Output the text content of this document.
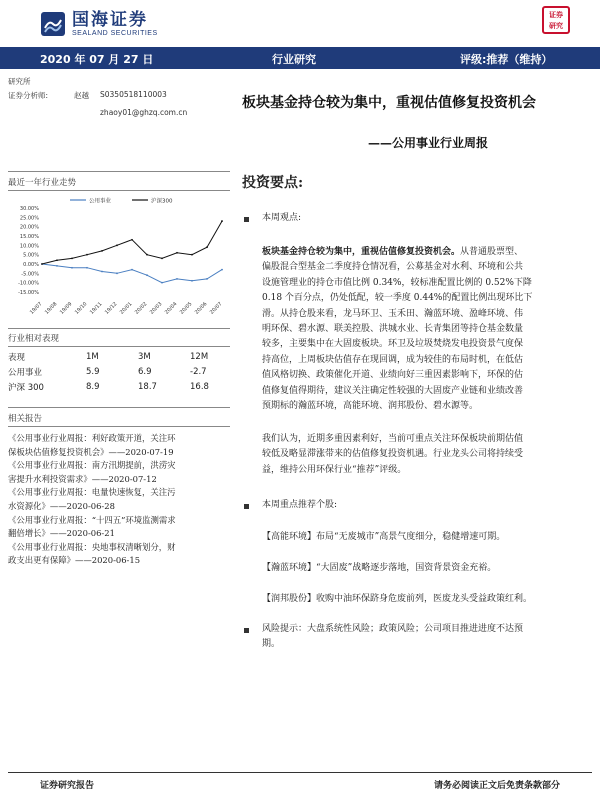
国海证券
SEALAND SECURITIES
证券
研究
2020 年 07 月 27 日	行业研究	评级:推荐（维持）
研究所
证券分析师:	赵越 S0350518110003
zhaoy01@ghzq.com.cn
板块基金持仓较为集中，重视估值修复投资机会
——公用事业行业周报
最近一年行业走势
公用事业	沪深300
30.00%
25.00%
20.00%
15.00%
10.00%
5.00%
0.00%
-5.00%
-10.00%
-15.00%
19/07 19/08 19/09 19/10 19/11 19/12 20/01 20/02 20/03 20/04 20/05 20/06 20/07
行业相对表现
表现	1M	3M	12M
公用事业	5.9	6.9	-2.7
沪深 300	8.9	18.7	16.8
相关报告
《公用事业行业周报：利好政策开道，关注环
保板块估值修复投资机会》——2020-07-19
《公用事业行业周报：南方汛期提前，洪涝灾
害提升水利投资需求》——2020-07-12
《公用事业行业周报：电量快速恢复，关注污
水资源化》——2020-06-28
《公用事业行业周报：“十四五”环境监测需求
翻倍增长》——2020-06-21
《公用事业行业周报：央地事权清晰划分，财
政支出更有保障》——2020-06-15
投资要点:
本周观点:
板块基金持仓较为集中，重视估值修复投资机会。从普通股票型、
偏股混合型基金二季度持仓情况看，公募基金对水利、环境和公共
设施管理业的持仓市值比例 0.34%，较标准配置比例的 0.52%下降
0.18 个百分点，仍处低配，较一季度 0.44%的配置比例出现环比下
滑。从持仓股来看，龙马环卫、玉禾田、瀚蓝环境、盈峰环境、伟
明环保、碧水源、联美控股、洪城水业、长青集团等持仓基金数量
较多，主要集中在大固废板块。环卫及垃圾焚烧发电投资景气度保
持高位，上周板块估值存在现回调，成为较佳的布局时机，在低估
值风格切换、政策催化开道、业绩向好三重因素影响下，环保的估
值修复值得期待，建议关注确定性较强的大固废产业链和业绩改善
预期标的瀚蓝环境，高能环境、润邦股份、碧水源等。
我们认为，近期多重因素利好，当前可重点关注环保板块前期估值
较低及略显滞涨带来的估值修复投资机遇。行业龙头公司将持续受
益，维持公用环保行业“推荐”评级。
本周重点推荐个股:
【高能环境】布局“无废城市”高景气度细分，稳健增速可期。
【瀚蓝环境】“大固废”战略逐步落地，国资背景资金充裕。
【润邦股份】收购中油环保跻身危废前列，医废龙头受益政策红利。
风险提示：大盘系统性风险；政策风险；公司项目推进进度不达预
期。
证券研究报告	请务必阅读正文后免责条款部分
